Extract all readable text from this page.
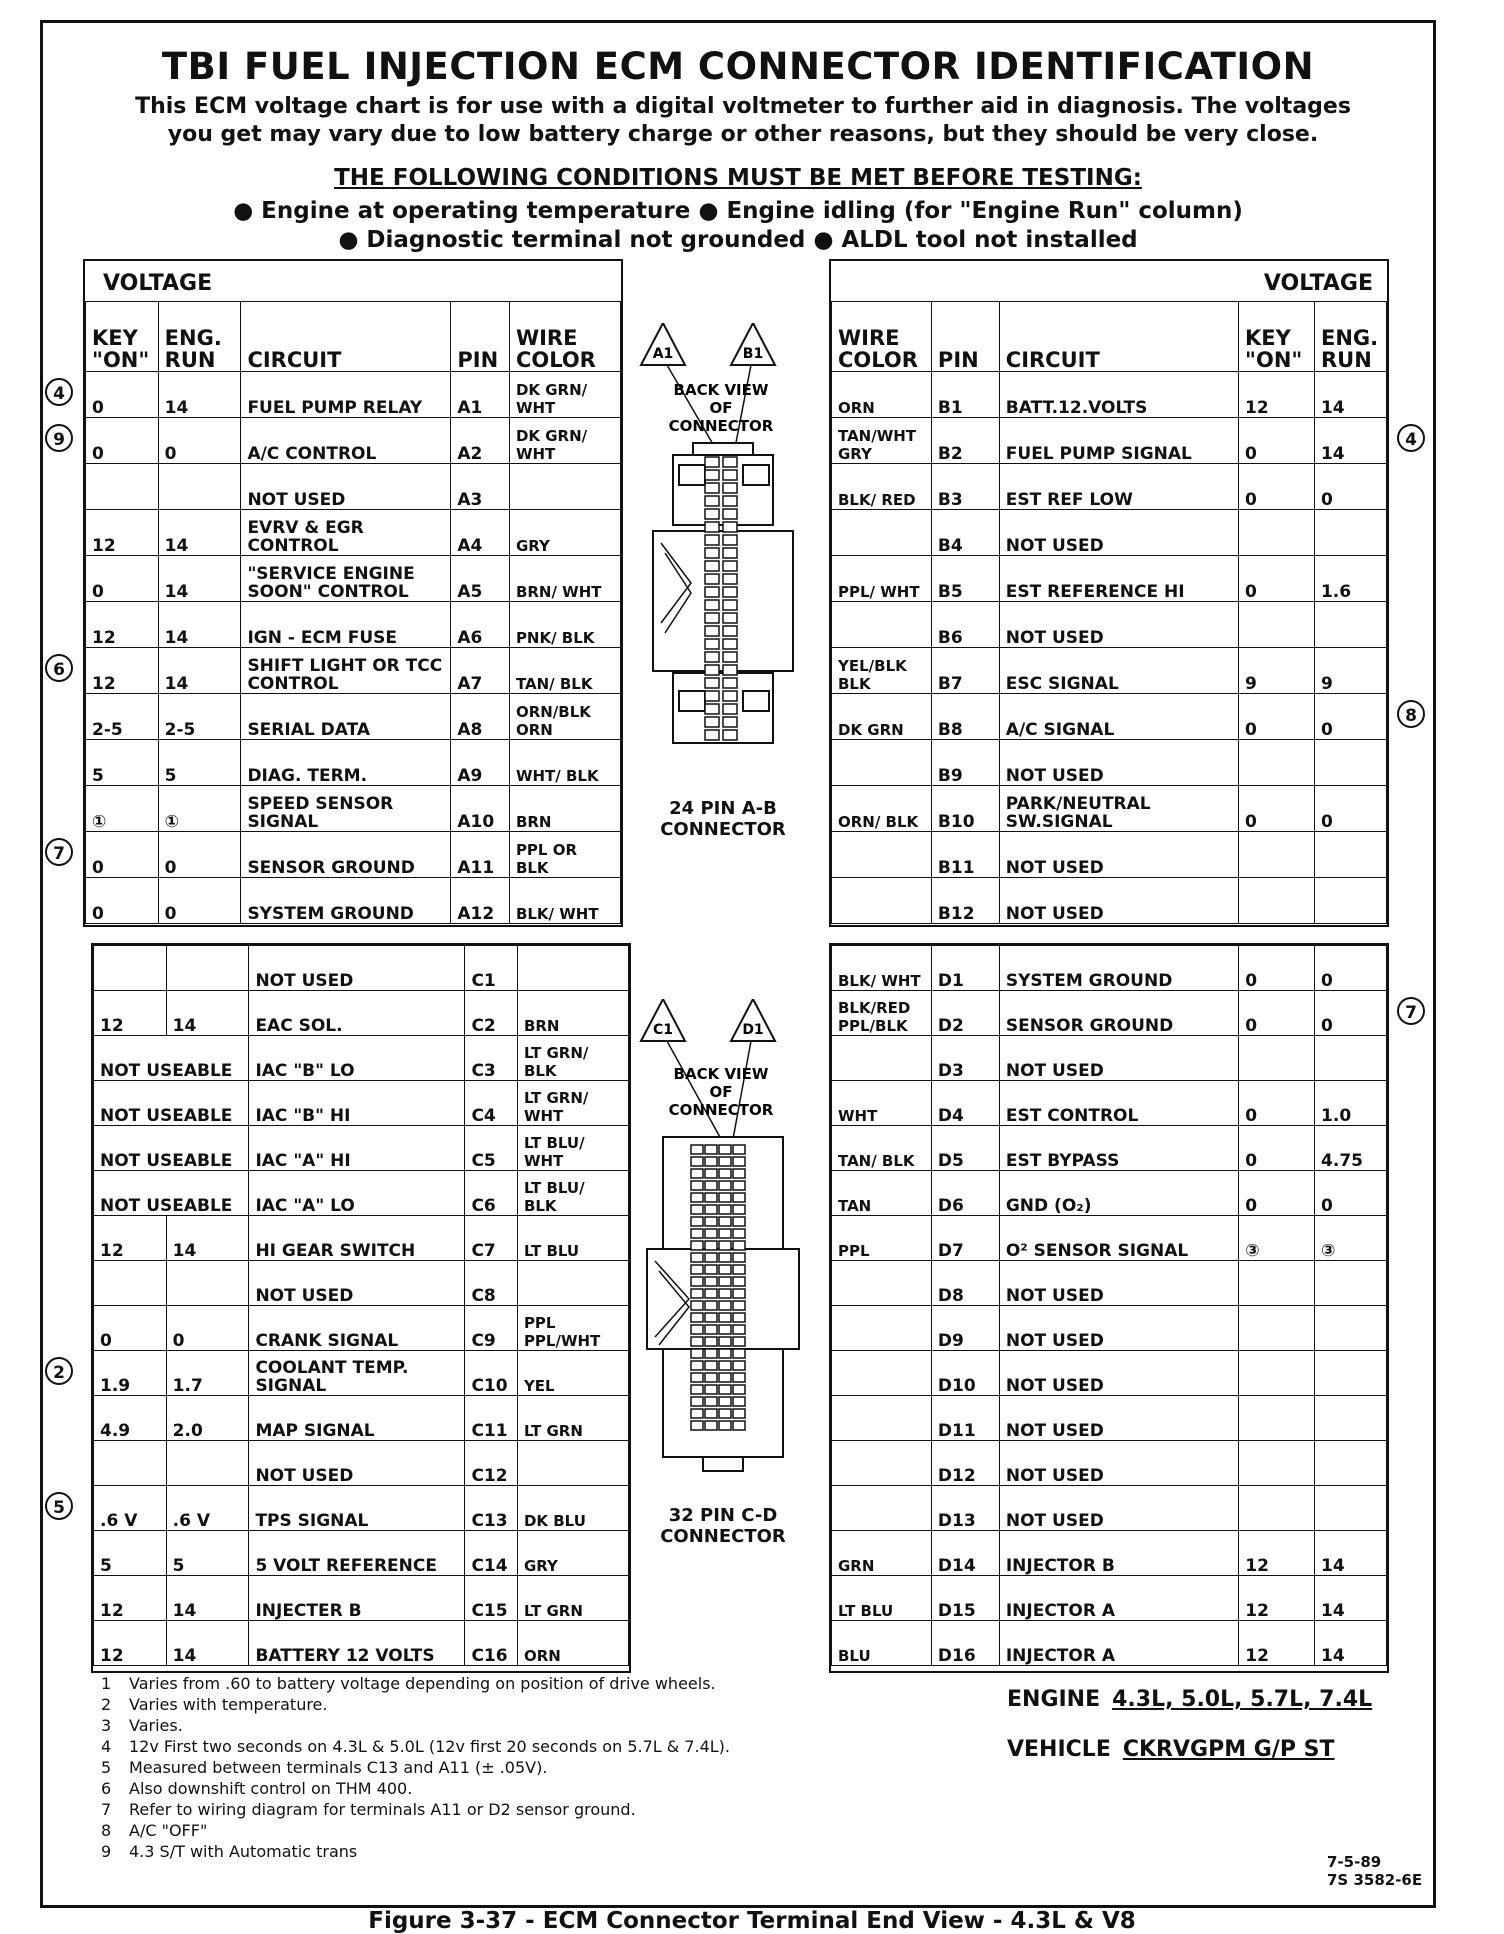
TBI FUEL INJECTION ECM CONNECTOR IDENTIFICATION
This ECM voltage chart is for use with a digital voltmeter to further aid in diagnosis. The voltages
you get may vary due to low battery charge or other reasons, but they should be very close.
THE FOLLOWING CONDITIONS MUST BE MET BEFORE TESTING:
● Engine at operating temperature ● Engine idling (for "Engine Run" column)
● Diagnostic terminal not grounded ● ALDL tool not installed
VOLTAGE
KEY "ON"	ENG. RUN	CIRCUIT	PIN	WIRE COLOR
0	14	FUEL PUMP RELAY	A1	DK GRN/ WHT
0	0	A/C CONTROL	A2	DK GRN/ WHT
		NOT USED	A3	
12	14	EVRV & EGR CONTROL	A4	GRY
0	14	"SERVICE ENGINE SOON" CONTROL	A5	BRN/ WHT
12	14	IGN - ECM FUSE	A6	PNK/ BLK
12	14	SHIFT LIGHT OR TCC CONTROL	A7	TAN/ BLK
2-5	2-5	SERIAL DATA	A8	ORN/BLK ORN
5	5	DIAG. TERM.	A9	WHT/ BLK
①	①	SPEED SENSOR SIGNAL	A10	BRN
0	0	SENSOR GROUND	A11	PPL OR BLK
0	0	SYSTEM GROUND	A12	BLK/ WHT
VOLTAGE
WIRE COLOR	PIN	CIRCUIT	KEY "ON"	ENG. RUN
ORN	B1	BATT.12.VOLTS	12	14
TAN/WHT GRY	B2	FUEL PUMP SIGNAL	0	14
BLK/ RED	B3	EST REF LOW	0	0
	B4	NOT USED		
PPL/ WHT	B5	EST REFERENCE HI	0	1.6
	B6	NOT USED		
YEL/BLK BLK	B7	ESC SIGNAL	9	9
DK GRN	B8	A/C SIGNAL	0	0
	B9	NOT USED		
ORN/ BLK	B10	PARK/NEUTRAL SW.SIGNAL	0	0
	B11	NOT USED		
	B12	NOT USED		
		NOT USED	C1	
12	14	EAC SOL.	C2	BRN
NOT USEABLE		IAC "B" LO	C3	LT GRN/ BLK
NOT USEABLE		IAC "B" HI	C4	LT GRN/ WHT
NOT USEABLE		IAC "A" HI	C5	LT BLU/ WHT
NOT USEABLE		IAC "A" LO	C6	LT BLU/ BLK
12	14	HI GEAR SWITCH	C7	LT BLU
		NOT USED	C8	
0	0	CRANK SIGNAL	C9	PPL PPL/WHT
1.9	1.7	COOLANT TEMP. SIGNAL	C10	YEL
4.9	2.0	MAP SIGNAL	C11	LT GRN
		NOT USED	C12	
.6 V	.6 V	TPS SIGNAL	C13	DK BLU
5	5	5 VOLT REFERENCE	C14	GRY
12	14	INJECTER B	C15	LT GRN
12	14	BATTERY 12 VOLTS	C16	ORN
BLK/ WHT	D1	SYSTEM GROUND	0	0
BLK/RED PPL/BLK	D2	SENSOR GROUND	0	0
	D3	NOT USED		
WHT	D4	EST CONTROL	0	1.0
TAN/ BLK	D5	EST BYPASS	0	4.75
TAN	D6	GND (O₂)	0	0
PPL	D7	O² SENSOR SIGNAL	③	③
	D8	NOT USED		
	D9	NOT USED		
	D10	NOT USED		
	D11	NOT USED		
	D12	NOT USED		
	D13	NOT USED		
GRN	D14	INJECTOR B	12	14
LT BLU	D15	INJECTOR A	12	14
BLU	D16	INJECTOR A	12	14
4
9
6
7
4
8
2
5
7
A1	B1
BACK VIEW OF CONNECTOR
24 PIN A-B CONNECTOR
C1	D1
BACK VIEW OF CONNECTOR
32 PIN C-D CONNECTOR
1 Varies from .60 to battery voltage depending on position of drive wheels.
2 Varies with temperature.
3 Varies.
4 12v First two seconds on 4.3L & 5.0L (12v first 20 seconds on 5.7L & 7.4L).
5 Measured between terminals C13 and A11 (± .05V).
6 Also downshift control on THM 400.
7 Refer to wiring diagram for terminals A11 or D2 sensor ground.
8 A/C "OFF"
9 4.3 S/T with Automatic trans
ENGINE 4.3L, 5.0L, 5.7L, 7.4L
VEHICLE CKRVGPM G/P ST
7-5-89
7S 3582-6E
Figure 3-37 - ECM Connector Terminal End View - 4.3L & V8
